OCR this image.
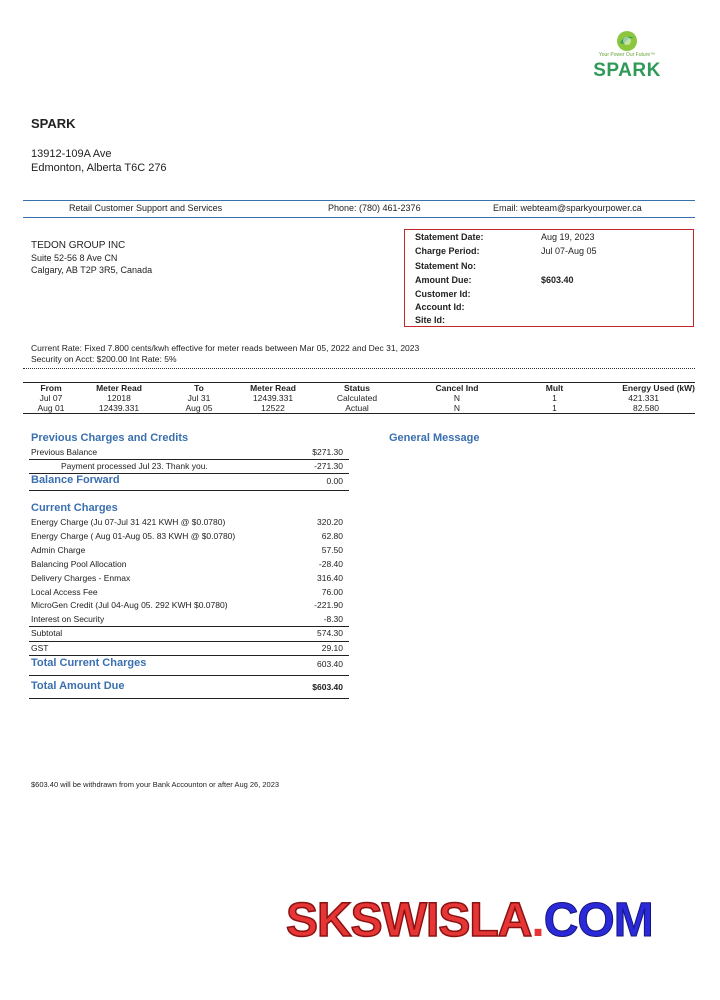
Your Power Our Future™
SPARK
SPARK
13912-109A Ave
Edmonton, Alberta T6C 276
Retail Customer Support and Services	Phone: (780) 461-2376	Email: webteam@sparkyourpower.ca
TEDON GROUP INC
Suite 52-56 8 Ave CN
Calgary, AB T2P 3R5, Canada
Statement Date:	Aug 19, 2023
Charge Period:	Jul 07-Aug 05
Statement No:
Amount Due:	$603.40
Customer Id:
Account Id:
Site Id:
Current Rate: Fixed 7.800 cents/kwh effective for meter reads between Mar 05, 2022 and Dec 31, 2023
Security on Acct: $200.00 Int Rate: 5%
From	Meter Read	To	Meter Read	Status	Cancel Ind	Mult	Energy Used (kW)
Jul 07	12018	Jul 31	12439.331	Calculated	N	1	421.331
Aug 01	12439.331	Aug 05	12522	Actual	N	1	82.580
Previous Charges and Credits
Previous Balance	$271.30
Payment processed Jul 23. Thank you.	-271.30
Balance Forward	0.00
General Message
Current Charges
Energy Charge (Ju 07-Jul 31 421 KWH @ $0.0780)	320.20
Energy Charge ( Aug 01-Aug 05. 83 KWH @ $0.0780)	62.80
Admin Charge	57.50
Balancing Pool Allocation	-28.40
Delivery Charges - Enmax	316.40
Local Access Fee	76.00
MicroGen Credit (Jul 04-Aug 05. 292 KWH $0.0780)	-221.90
Interest on Security	-8.30
Subtotal	574.30
GST	29.10
Total Current Charges	603.40
Total Amount Due	$603.40
$603.40 will be withdrawn from your Bank Accounton or after Aug 26, 2023
SKSWISLA.COM
